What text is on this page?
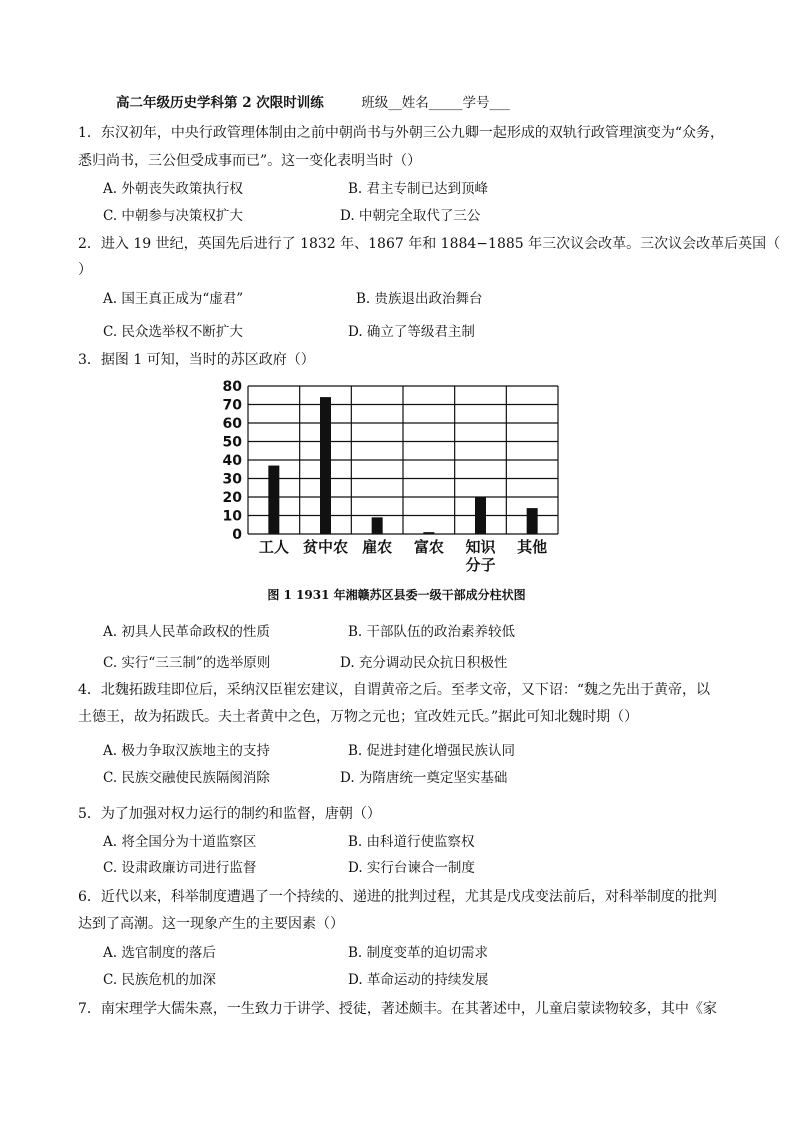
高二年级历史学科第 2 次限时训练	班级__姓名_____学号___
1．东汉初年，中央行政管理体制由之前中朝尚书与外朝三公九卿一起形成的双轨行政管理演变为“众务，
悉归尚书，三公但受成事而已”。这一变化表明当时（）
A. 外朝丧失政策执行权	B. 君主专制已达到顶峰
C. 中朝参与决策权扩大	D. 中朝完全取代了三公
2．进入 19 世纪，英国先后进行了 1832 年、1867 年和 1884−1885 年三次议会改革。三次议会改革后英国（
）
A. 国王真正成为“虚君”	B. 贵族退出政治舞台
C. 民众选举权不断扩大	D. 确立了等级君主制
3．据图 1 可知，当时的苏区政府（）
0
10
20
30
40
50
60
70
80
工人 贫中农 雇农 富农 知识
分子
其他
图 1 1931 年湘赣苏区县委一级干部成分柱状图
A. 初具人民革命政权的性质	B. 干部队伍的政治素养较低
C. 实行“三三制”的选举原则	D. 充分调动民众抗日积极性
4．北魏拓跋珪即位后，采纳汉臣崔宏建议，自谓黄帝之后。至孝文帝，又下诏：“魏之先出于黄帝，以
土德王，故为拓跋氏。夫土者黄中之色，万物之元也；宜改姓元氏。”据此可知北魏时期（）
A. 极力争取汉族地主的支持	B. 促进封建化增强民族认同
C. 民族交融使民族隔阂消除	D. 为隋唐统一奠定坚实基础
5．为了加强对权力运行的制约和监督，唐朝（）
A. 将全国分为十道监察区	B. 由科道行使监察权
C. 设肃政廉访司进行监督	D. 实行台谏合一制度
6．近代以来，科举制度遭遇了一个持续的、递进的批判过程，尤其是戊戌变法前后，对科举制度的批判
达到了高潮。这一现象产生的主要因素（）
A. 选官制度的落后	B. 制度变革的迫切需求
C. 民族危机的加深	D. 革命运动的持续发展
7．南宋理学大儒朱熹，一生致力于讲学、授徒，著述颇丰。在其著述中，儿童启蒙读物较多，其中《家
